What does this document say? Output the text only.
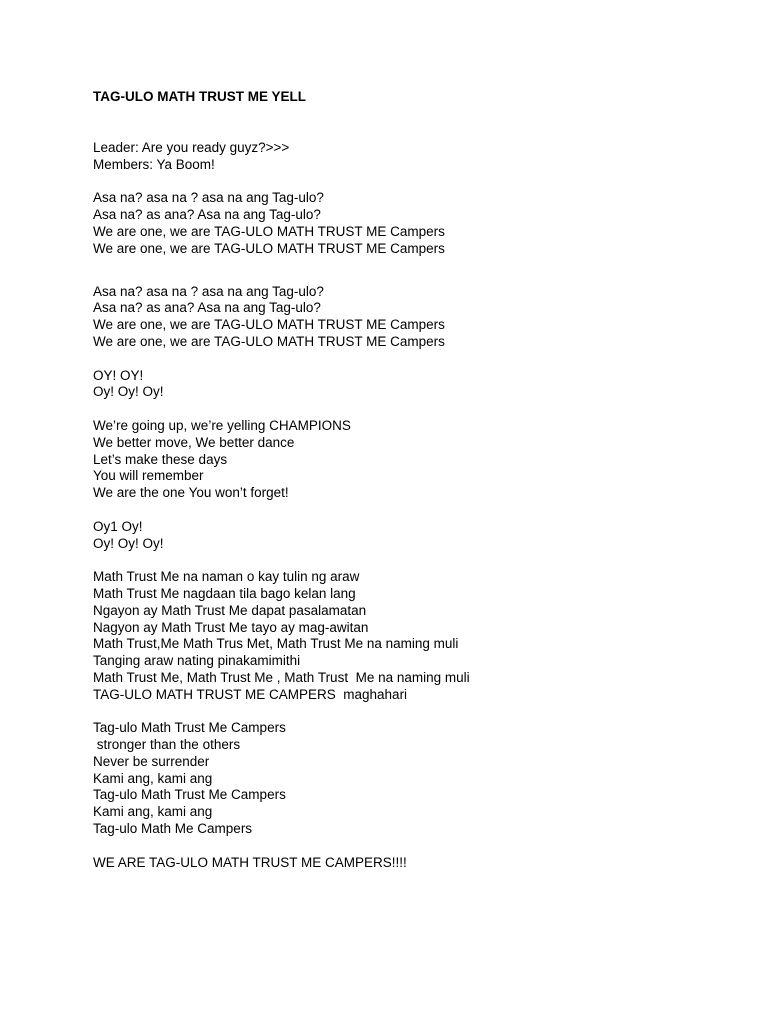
TAG-ULO MATH TRUST ME YELL
Leader: Are you ready guyz?>>>
Members: Ya Boom!
Asa na? asa na ? asa na ang Tag-ulo?
Asa na? as ana? Asa na ang Tag-ulo?
We are one, we are TAG-ULO MATH TRUST ME Campers
We are one, we are TAG-ULO MATH TRUST ME Campers
Asa na? asa na ? asa na ang Tag-ulo?
Asa na? as ana? Asa na ang Tag-ulo?
We are one, we are TAG-ULO MATH TRUST ME Campers
We are one, we are TAG-ULO MATH TRUST ME Campers
OY! OY!
Oy! Oy! Oy!
We’re going up, we’re yelling CHAMPIONS
We better move, We better dance
Let’s make these days
You will remember
We are the one You won’t forget!
Oy1 Oy!
Oy! Oy! Oy!
Math Trust Me na naman o kay tulin ng araw
Math Trust Me nagdaan tila bago kelan lang
Ngayon ay Math Trust Me dapat pasalamatan
Nagyon ay Math Trust Me tayo ay mag-awitan
Math Trust,Me Math Trus Met, Math Trust Me na naming muli
Tanging araw nating pinakamimithi
Math Trust Me, Math Trust Me , Math Trust  Me na naming muli
TAG-ULO MATH TRUST ME CAMPERS  maghahari
Tag-ulo Math Trust Me Campers
stronger than the others
Never be surrender
Kami ang, kami ang
Tag-ulo Math Trust Me Campers
Kami ang, kami ang
Tag-ulo Math Me Campers
WE ARE TAG-ULO MATH TRUST ME CAMPERS!!!!
